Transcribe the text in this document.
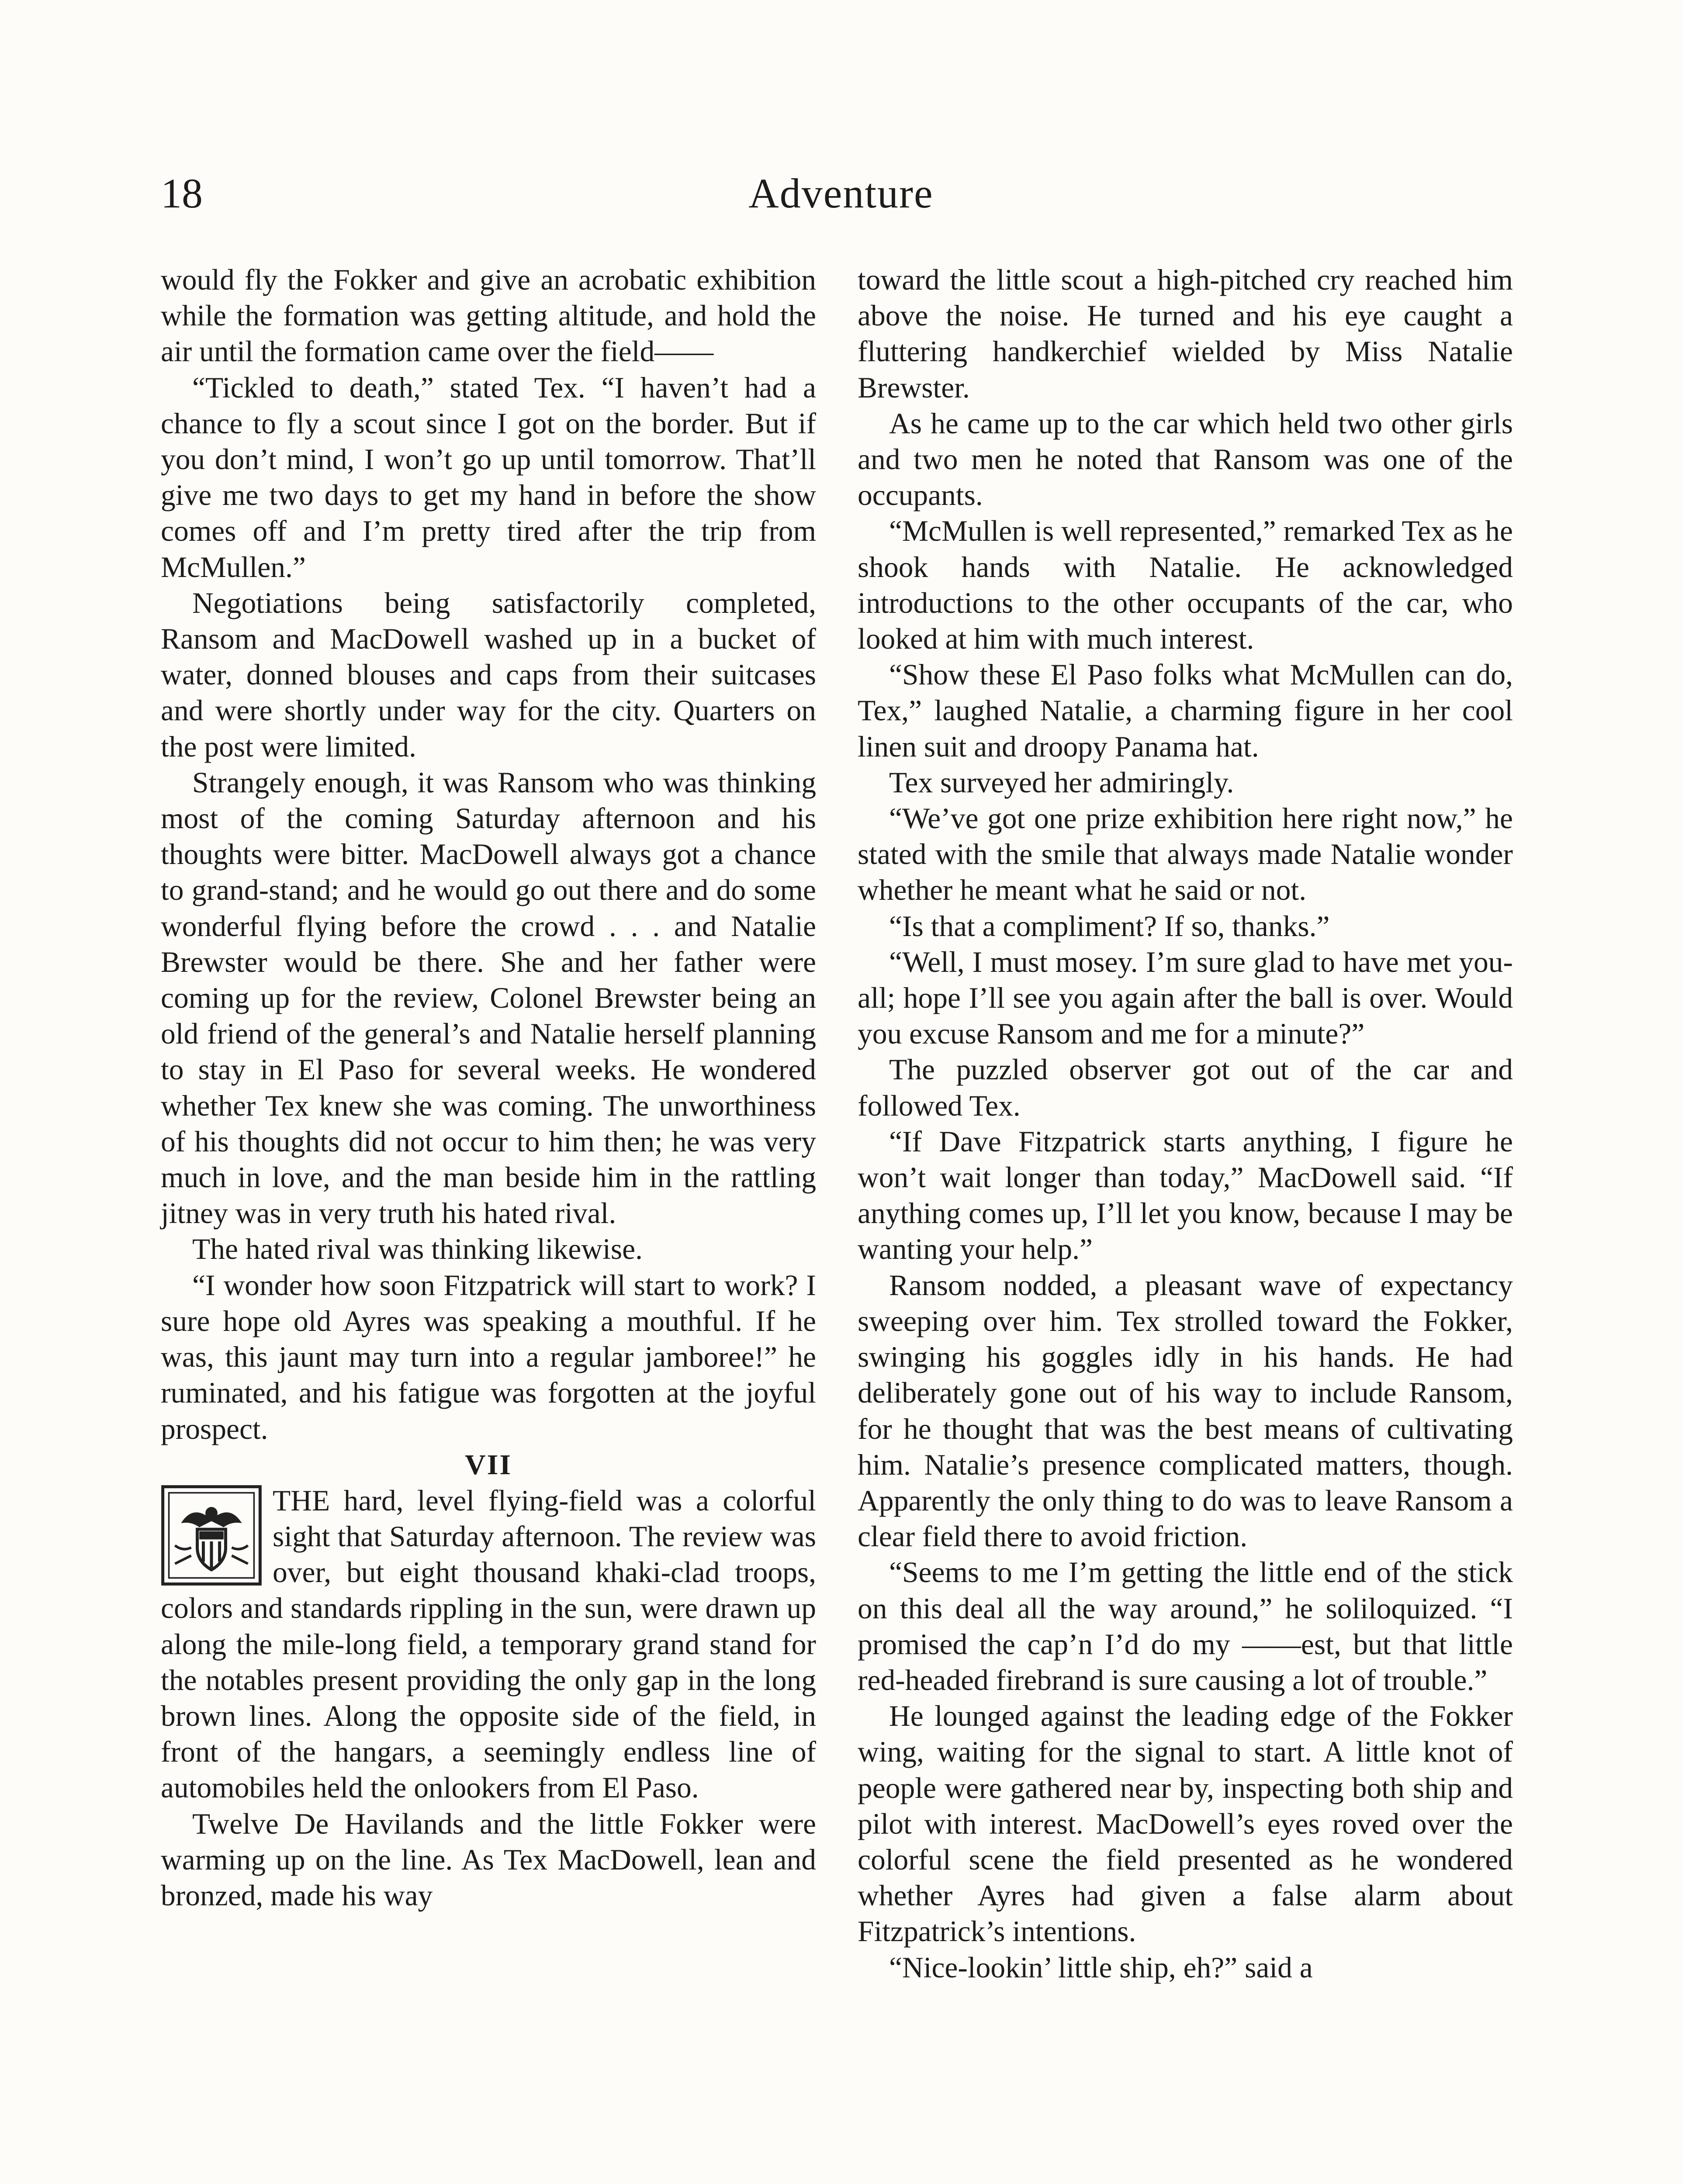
18	Adventure

would fly the Fokker and give an acrobatic exhibition while the formation was getting altitude, and hold the air until the formation came over the field——

“Tickled to death,” stated Tex. “I haven’t had a chance to fly a scout since I got on the border. But if you don’t mind, I won’t go up until tomorrow. That’ll give me two days to get my hand in before the show comes off and I’m pretty tired after the trip from McMullen.”

Negotiations being satisfactorily completed, Ransom and MacDowell washed up in a bucket of water, donned blouses and caps from their suitcases and were shortly under way for the city. Quarters on the post were limited.

Strangely enough, it was Ransom who was thinking most of the coming Saturday afternoon and his thoughts were bitter. MacDowell always got a chance to grand-stand; and he would go out there and do some wonderful flying before the crowd . . . and Natalie Brewster would be there. She and her father were coming up for the review, Colonel Brewster being an old friend of the general’s and Natalie herself planning to stay in El Paso for several weeks. He wondered whether Tex knew she was coming. The unworthiness of his thoughts did not occur to him then; he was very much in love, and the man beside him in the rattling jitney was in very truth his hated rival.

The hated rival was thinking likewise.

“I wonder how soon Fitzpatrick will start to work? I sure hope old Ayres was speaking a mouthful. If he was, this jaunt may turn into a regular jamboree!” he ruminated, and his fatigue was forgotten at the joyful prospect.

VII

THE hard, level flying-field was a colorful sight that Saturday afternoon. The review was over, but eight thousand khaki-clad troops, colors and standards rippling in the sun, were drawn up along the mile-long field, a temporary grand stand for the notables present providing the only gap in the long brown lines. Along the opposite side of the field, in front of the hangars, a seemingly endless line of automobiles held the onlookers from El Paso.

Twelve De Havilands and the little Fokker were warming up on the line. As Tex MacDowell, lean and bronzed, made his way

toward the little scout a high-pitched cry reached him above the noise. He turned and his eye caught a fluttering handkerchief wielded by Miss Natalie Brewster.

As he came up to the car which held two other girls and two men he noted that Ransom was one of the occupants.

“McMullen is well represented,” remarked Tex as he shook hands with Natalie. He acknowledged introductions to the other occupants of the car, who looked at him with much interest.

“Show these El Paso folks what McMullen can do, Tex,” laughed Natalie, a charming figure in her cool linen suit and droopy Panama hat.

Tex surveyed her admiringly.

“We’ve got one prize exhibition here right now,” he stated with the smile that always made Natalie wonder whether he meant what he said or not.

“Is that a compliment? If so, thanks.”

“Well, I must mosey. I’m sure glad to have met you-all; hope I’ll see you again after the ball is over. Would you excuse Ransom and me for a minute?”

The puzzled observer got out of the car and followed Tex.

“If Dave Fitzpatrick starts anything, I figure he won’t wait longer than today,” MacDowell said. “If anything comes up, I’ll let you know, because I may be wanting your help.”

Ransom nodded, a pleasant wave of expectancy sweeping over him. Tex strolled toward the Fokker, swinging his goggles idly in his hands. He had deliberately gone out of his way to include Ransom, for he thought that was the best means of cultivating him. Natalie’s presence complicated matters, though. Apparently the only thing to do was to leave Ransom a clear field there to avoid friction.

“Seems to me I’m getting the little end of the stick on this deal all the way around,” he soliloquized. “I promised the cap’n I’d do my ——est, but that little red-headed firebrand is sure causing a lot of trouble.”

He lounged against the leading edge of the Fokker wing, waiting for the signal to start. A little knot of people were gathered near by, inspecting both ship and pilot with interest. MacDowell’s eyes roved over the colorful scene the field presented as he wondered whether Ayres had given a false alarm about Fitzpatrick’s intentions.

“Nice-lookin’ little ship, eh?” said a
